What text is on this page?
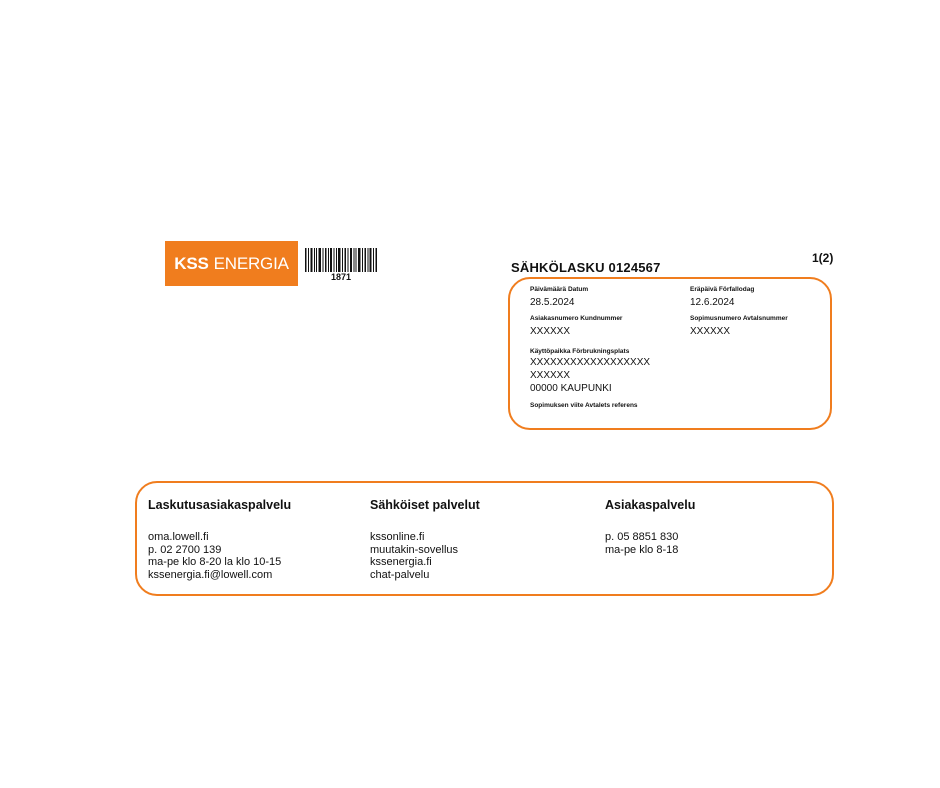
KSS ENERGIA
1871
1(2)
SÄHKÖLASKU 0124567
Päivämäärä Datum
28.5.2024
Eräpäivä Förfallodag
12.6.2024
Asiakasnumero Kundnummer
XXXXXX
Sopimusnumero Avtalsnummer
XXXXXX
Käyttöpaikka Förbrukningsplats
XXXXXXXXXXXXXXXXXX
XXXXXX
00000 KAUPUNKI
Sopimuksen viite Avtalets referens
Laskutusasiakaspalvelu
oma.lowell.fi
p. 02 2700 139
ma-pe klo 8-20 la klo 10-15
kssenergia.fi@lowell.com
Sähköiset palvelut
kssonline.fi
muutakin-sovellus
kssenergia.fi
chat-palvelu
Asiakaspalvelu
p. 05 8851 830
ma-pe klo 8-18
